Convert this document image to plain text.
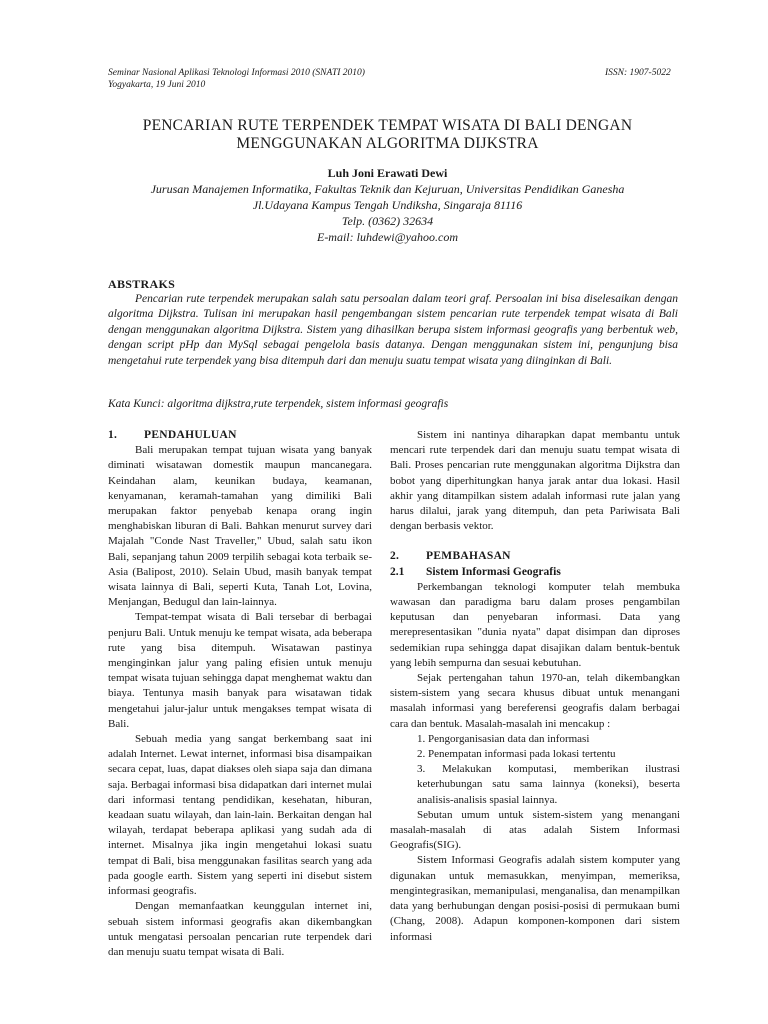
Seminar Nasional Aplikasi Teknologi Informasi 2010 (SNATI 2010)
Yogyakarta, 19 Juni 2010
ISSN: 1907-5022
PENCARIAN RUTE TERPENDEK TEMPAT WISATA DI BALI DENGAN MENGGUNAKAN ALGORITMA DIJKSTRA
Luh Joni Erawati Dewi
Jurusan Manajemen Informatika, Fakultas Teknik dan Kejuruan, Universitas Pendidikan Ganesha
Jl.Udayana Kampus Tengah Undiksha, Singaraja 81116
Telp. (0362) 32634
E-mail: luhdewi@yahoo.com
ABSTRAKS
Pencarian rute terpendek merupakan salah satu persoalan dalam teori graf. Persoalan ini bisa diselesaikan dengan algoritma Dijkstra. Tulisan ini merupakan hasil pengembangan sistem pencarian rute terpendek tempat wisata di Bali dengan menggunakan algoritma Dijkstra. Sistem yang dihasilkan berupa sistem informasi geografis yang berbentuk web, dengan script pHp dan MySql sebagai pengelola basis datanya. Dengan menggunakan sistem ini, pengunjung bisa mengetahui rute terpendek yang bisa ditempuh dari dan menuju suatu tempat wisata yang diinginkan di Bali.
Kata Kunci: algoritma dijkstra,rute terpendek, sistem informasi geografis
1. PENDAHULUAN

Bali merupakan tempat tujuan wisata yang banyak diminati wisatawan domestik maupun mancanegara. Keindahan alam, keunikan budaya, keamanan, kenyamanan, keramah-tamahan yang dimiliki Bali merupakan faktor penyebab kenapa orang ingin menghabiskan liburan di Bali. Bahkan menurut survey dari Majalah "Conde Nast Traveller," Ubud, salah satu ikon Bali, sepanjang tahun 2009 terpilih sebagai kota terbaik se-Asia (Balipost, 2010). Selain Ubud, masih banyak tempat wisata lainnya di Bali, seperti Kuta, Tanah Lot, Lovina, Menjangan, Bedugul dan lain-lainnya.

Tempat-tempat wisata di Bali tersebar di berbagai penjuru Bali. Untuk menuju ke tempat wisata, ada beberapa rute yang bisa ditempuh. Wisatawan pastinya menginginkan jalur yang paling efisien untuk menuju tempat wisata tujuan sehingga dapat menghemat waktu dan biaya. Tentunya masih banyak para wisatawan tidak mengetahui jalur-jalur untuk mengakses tempat wisata di Bali.

Sebuah media yang sangat berkembang saat ini adalah Internet. Lewat internet, informasi bisa disampaikan secara cepat, luas, dapat diakses oleh siapa saja dan dimana saja. Berbagai informasi bisa didapatkan dari internet mulai dari informasi tentang pendidikan, kesehatan, hiburan, keadaan suatu wilayah, dan lain-lain. Berkaitan dengan hal wilayah, terdapat beberapa aplikasi yang sudah ada di internet. Misalnya jika ingin mengetahui lokasi suatu tempat di Bali, bisa menggunakan fasilitas search yang ada pada google earth. Sistem yang seperti ini disebut sistem informasi geografis.

Dengan memanfaatkan keunggulan internet ini, sebuah sistem informasi geografis akan dikembangkan untuk mengatasi persoalan pencarian rute terpendek dari dan menuju suatu tempat wisata di Bali.

Sistem ini nantinya diharapkan dapat membantu untuk mencari rute terpendek dari dan menuju suatu tempat wisata di Bali. Proses pencarian rute menggunakan algoritma Dijkstra dan bobot yang diperhitungkan hanya jarak antar dua lokasi. Hasil akhir yang ditampilkan sistem adalah informasi rute jalan yang harus dilalui, jarak yang ditempuh, dan peta Pariwisata Bali dengan berbasis vektor.

2. PEMBAHASAN
2.1 Sistem Informasi Geografis

Perkembangan teknologi komputer telah membuka wawasan dan paradigma baru dalam proses pengambilan keputusan dan penyebaran informasi. Data yang merepresentasikan "dunia nyata" dapat disimpan dan diproses sedemikian rupa sehingga dapat disajikan dalam bentuk-bentuk yang lebih sempurna dan sesuai kebutuhan.

Sejak pertengahan tahun 1970-an, telah dikembangkan sistem-sistem yang secara khusus dibuat untuk menangani masalah informasi yang bereferensi geografis dalam berbagai cara dan bentuk. Masalah-masalah ini mencakup :

1. Pengorganisasian data dan informasi

2. Penempatan informasi pada lokasi tertentu

3. Melakukan komputasi, memberikan ilustrasi keterhubungan satu sama lainnya (koneksi), beserta analisis-analisis spasial lainnya.

Sebutan umum untuk sistem-sistem yang menangani masalah-masalah di atas adalah Sistem Informasi Geografis(SIG).

Sistem Informasi Geografis adalah sistem komputer yang digunakan untuk memasukkan, menyimpan, memeriksa, mengintegrasikan, memanipulasi, menganalisa, dan menampilkan data yang berhubungan dengan posisi-posisi di permukaan bumi (Chang, 2008). Adapun komponen-komponen dari sistem informasi
